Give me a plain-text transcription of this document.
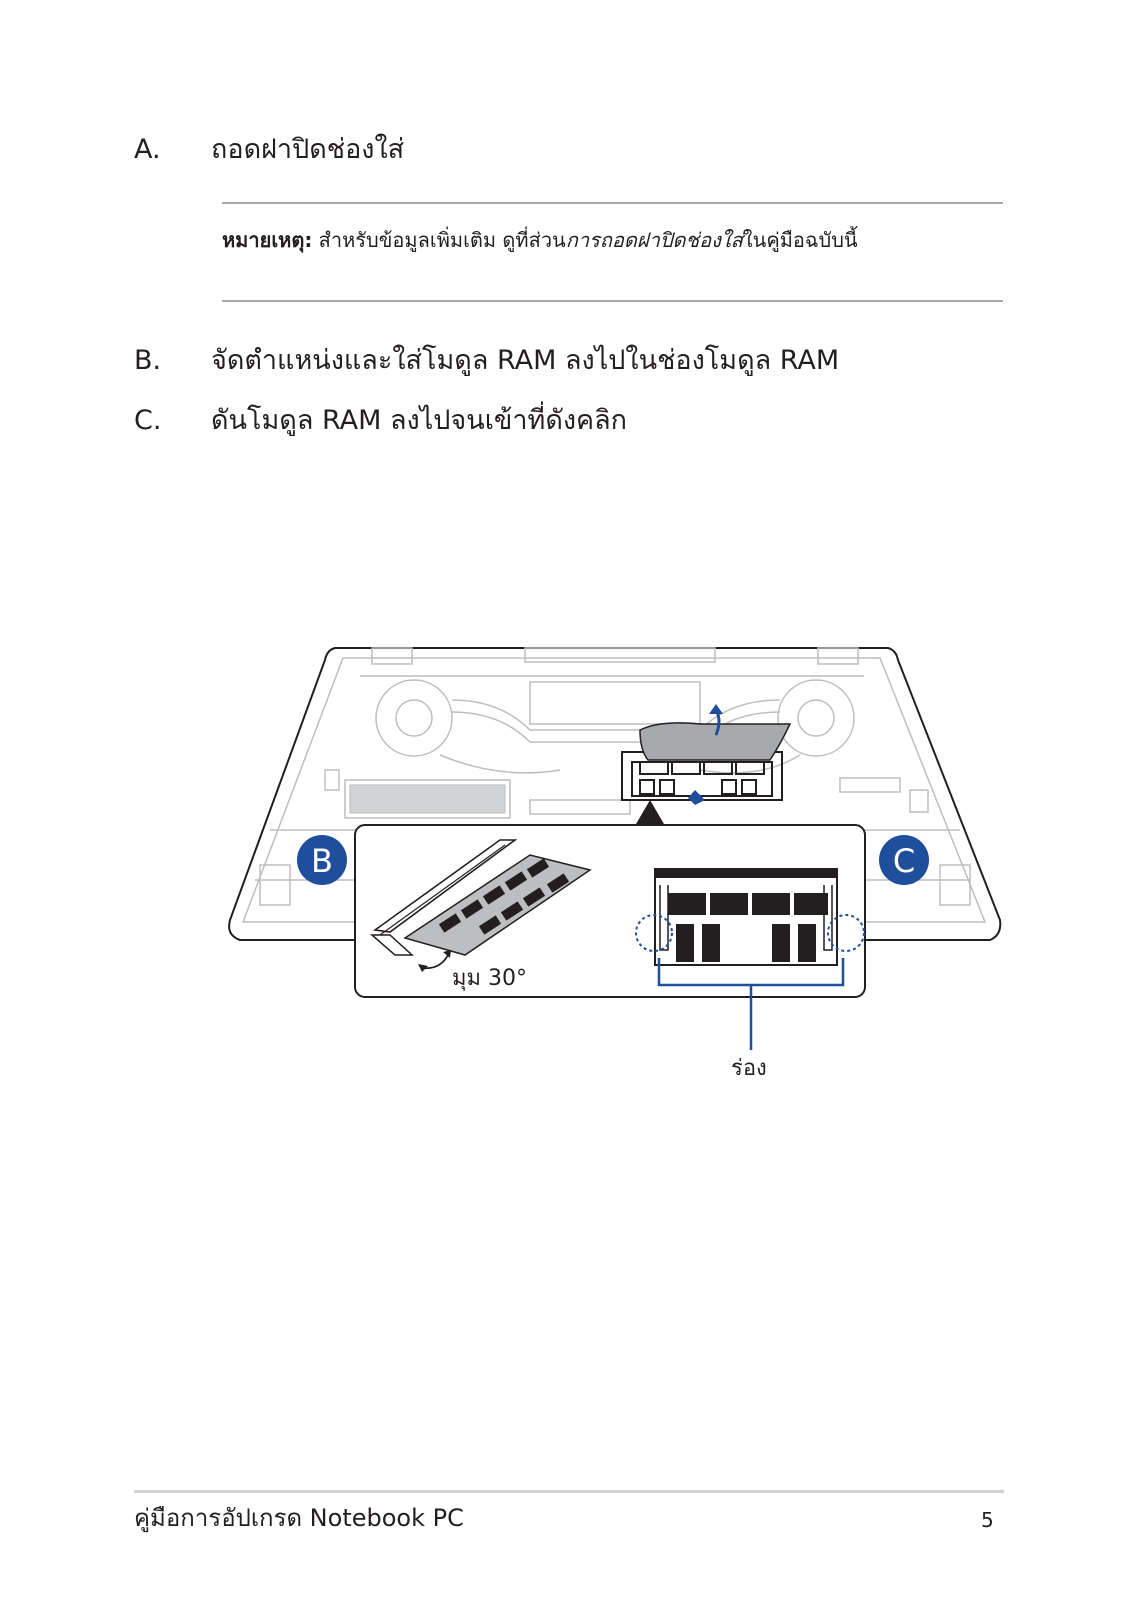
A. ถอดฝาปิดช่องใส่
หมายเหตุ: สำหรับข้อมูลเพิ่มเติม ดูที่ส่วนการถอดฝาปิดช่องใส่ในคู่มือฉบับนี้
B. จัดตำแหน่งและใส่โมดูล RAM ลงไปในช่องโมดูล RAM
C. ดันโมดูล RAM ลงไปจนเข้าที่ดังคลิก
มุม 30°
ร่อง
B	C
คู่มือการอัปเกรด Notebook PC	5
